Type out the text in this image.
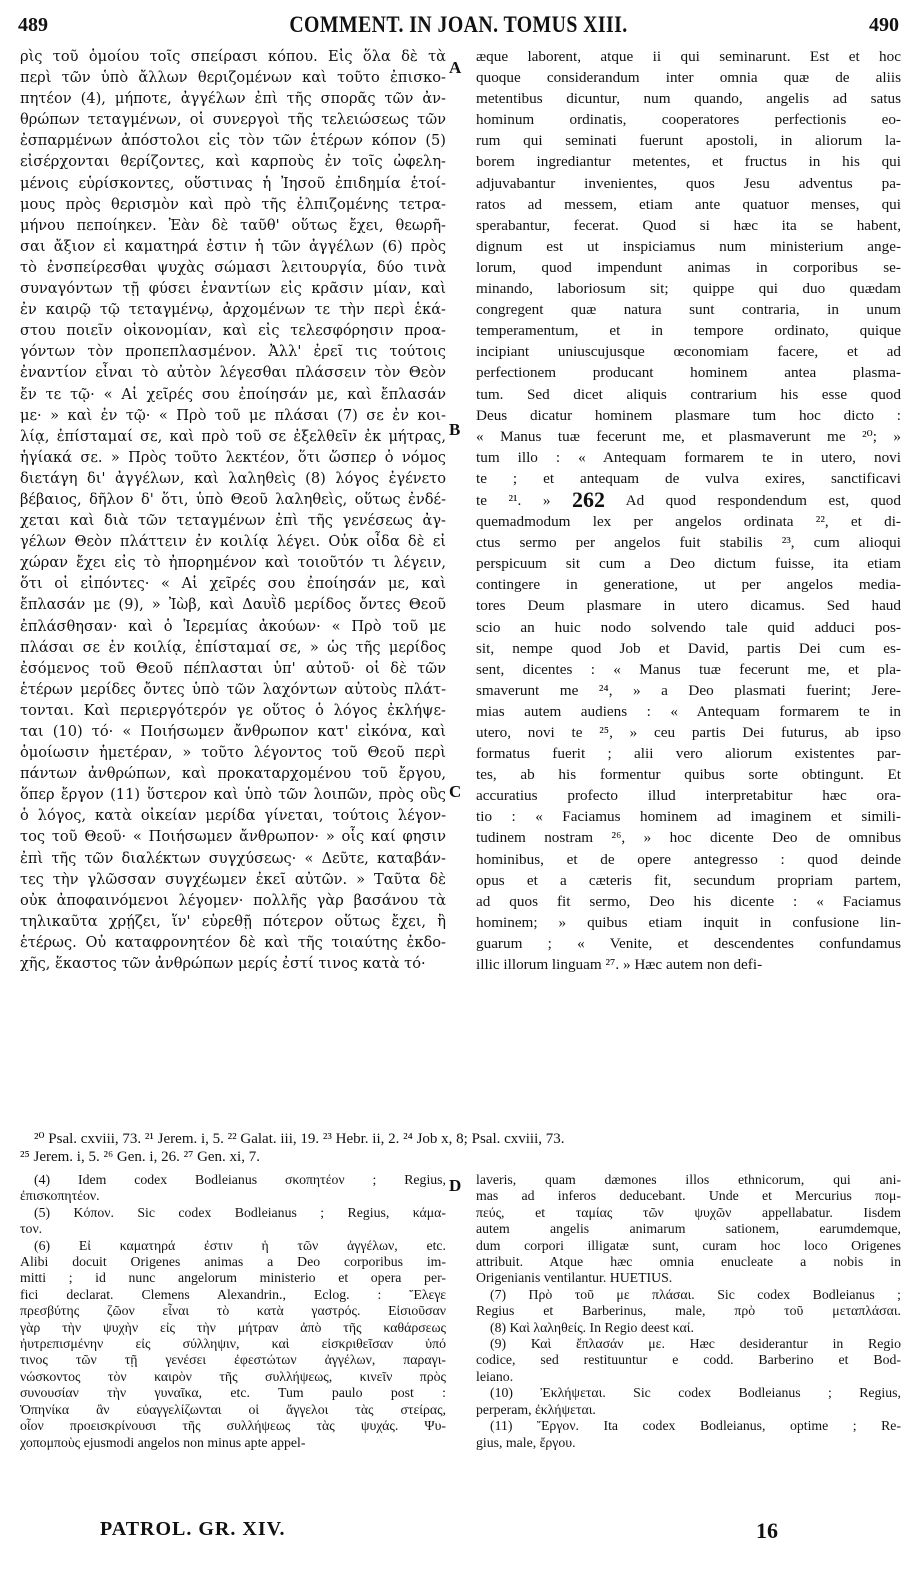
489	COMMENT. IN JOAN. TOMUS XIII.	490
ρὶς τοῦ ὁμοίου τοῖς σπείρασι κόπου. Εἰς ὅλα δὲ τὰ
περὶ τῶν ὑπὸ ἄλλων θεριζομένων καὶ τοῦτο ἐπισκο-
πητέον (4), μήποτε, ἀγγέλων ἐπὶ τῆς σπορᾶς τῶν ἀν-
θρώπων τεταγμένων, οἱ συνεργοὶ τῆς τελειώσεως τῶν
ἐσπαρμένων ἀπόστολοι εἰς τὸν τῶν ἑτέρων κόπον (5)
εἰσέρχονται θερίζοντες, καὶ καρποὺς ἐν τοῖς ὠφελη-
μένοις εὑρίσκοντες, οὕστινας ἡ Ἰησοῦ ἐπιδημία ἑτοί-
μους πρὸς θερισμὸν καὶ πρὸ τῆς ἐλπιζομένης τετρα-
μήνου πεποίηκεν. Ἐὰν δὲ ταῦθ' οὕτως ἔχει, θεωρῆ-
σαι ἄξιον εἰ καματηρά ἐστιν ἡ τῶν ἀγγέλων (6) πρὸς
τὸ ἐνσπείρεσθαι ψυχὰς σώμασι λειτουργία, δύο τινὰ
συναγόντων τῇ φύσει ἐναντίων εἰς κρᾶσιν μίαν, καὶ
ἐν καιρῷ τῷ τεταγμένῳ, ἀρχομένων τε τὴν περὶ ἑκά-
στου ποιεῖν οἰκονομίαν, καὶ εἰς τελεσφόρησιν προα-
γόντων τὸν προπεπλασμένον. Ἀλλ' ἐρεῖ τις τούτοις
ἐναντίον εἶναι τὸ αὐτὸν λέγεσθαι πλάσσειν τὸν Θεὸν
ἔν τε τῷ· « Αἱ χεῖρές σου ἐποίησάν με, καὶ ἔπλασάν
με· » καὶ ἐν τῷ· « Πρὸ τοῦ με πλάσαι (7) σε ἐν κοι-
λίᾳ, ἐπίσταμαί σε, καὶ πρὸ τοῦ σε ἐξελθεῖν ἐκ μήτρας,
ἡγίακά σε. » Πρὸς τοῦτο λεκτέον, ὅτι ὥσπερ ὁ νόμος
διετάγη δι' ἀγγέλων, καὶ λαληθεὶς (8) λόγος ἐγένετο
βέβαιος, δῆλον δ' ὅτι, ὑπὸ Θεοῦ λαληθεὶς, οὕτως ἐνδέ-
χεται καὶ διὰ τῶν τεταγμένων ἐπὶ τῆς γενέσεως ἀγ-
γέλων Θεὸν πλάττειν ἐν κοιλίᾳ λέγει. Οὐκ οἶδα δὲ εἰ
χώραν ἔχει εἰς τὸ ἠπορημένον καὶ τοιοῦτόν τι λέγειν,
ὅτι οἱ εἰπόντες· « Αἱ χεῖρές σου ἐποίησάν με, καὶ
ἔπλασάν με (9), » Ἰὼβ, καὶ Δαυῒδ μερίδος ὄντες Θεοῦ
ἐπλάσθησαν· καὶ ὁ Ἱερεμίας ἀκούων· « Πρὸ τοῦ με
πλάσαι σε ἐν κοιλίᾳ, ἐπίσταμαί σε, » ὡς τῆς μερίδος
ἐσόμενος τοῦ Θεοῦ πέπλασται ὑπ' αὐτοῦ· οἱ δὲ τῶν
ἑτέρων μερίδες ὄντες ὑπὸ τῶν λαχόντων αὐτοὺς πλάτ-
τονται. Καὶ περιεργότερόν γε οὕτος ὁ λόγος ἐκλήψε-
ται (10) τό· « Ποιήσωμεν ἄνθρωπον κατ' εἰκόνα, καὶ
ὁμοίωσιν ἡμετέραν, » τοῦτο λέγοντος τοῦ Θεοῦ περὶ
πάντων ἀνθρώπων, καὶ προκαταρχομένου τοῦ ἔργου,
ὅπερ ἔργον (11) ὕστερον καὶ ὑπὸ τῶν λοιπῶν, πρὸς οὓς
ὁ λόγος, κατὰ οἰκείαν μερίδα γίνεται, τούτοις λέγον-
τος τοῦ Θεοῦ· « Ποιήσωμεν ἄνθρωπον· » οἷς καί φησιν
ἐπὶ τῆς τῶν διαλέκτων συγχύσεως· « Δεῦτε, καταβάν-
τες τὴν γλῶσσαν συγχέωμεν ἐκεῖ αὐτῶν. » Ταῦτα δὲ
οὐκ ἀποφαινόμενοι λέγομεν· πολλῆς γὰρ βασάνου τὰ
τηλικαῦτα χρῄζει, ἵν' εὑρεθῇ πότερον οὕτως ἔχει, ἢ
ἑτέρως. Οὐ καταφρονητέον δὲ καὶ τῆς τοιαύτης ἐκδο-
χῆς, ἕκαστος τῶν ἀνθρώπων μερίς ἐστί τινος κατὰ τό·
æque laborent, atque ii qui seminarunt. Est et hoc
quoque considerandum inter omnia quæ de aliis
metentibus dicuntur, num quando, angelis ad satus
hominum ordinatis, cooperatores perfectionis eo-
rum qui seminati fuerunt apostoli, in aliorum la-
borem ingrediantur metentes, et fructus in his qui
adjuvabantur invenientes, quos Jesu adventus pa-
ratos ad messem, etiam ante quatuor menses, qui
sperabantur, fecerat. Quod si hæc ita se habent,
dignum est ut inspiciamus num ministerium ange-
lorum, quod impendunt animas in corporibus se-
minando, laboriosum sit; quippe qui duo quædam
congregent quæ natura sunt contraria, in unum
temperamentum, et in tempore ordinato, quique
incipiant uniuscujusque œconomiam facere, et ad
perfectionem producant hominem antea plasma-
tum. Sed dicet aliquis contrarium his esse quod
Deus dicatur hominem plasmare tum hoc dicto :
« Manus tuæ fecerunt me, et plasmaverunt me ²⁰; »
tum illo : « Antequam formarem te in utero, novi
te ; et antequam de vulva exires, sanctificavi
te ²¹. » 262 Ad quod respondendum est, quod
quemadmodum lex per angelos ordinata ²², et di-
ctus sermo per angelos fuit stabilis ²³, cum alioqui
perspicuum sit cum a Deo dictum fuisse, ita etiam
contingere in generatione, ut per angelos media-
tores Deum plasmare in utero dicamus. Sed haud
scio an huic nodo solvendo tale quid adduci pos-
sit, nempe quod Job et David, partis Dei cum es-
sent, dicentes : « Manus tuæ fecerunt me, et pla-
smaverunt me ²⁴, » a Deo plasmati fuerint; Jere-
mias autem audiens : « Antequam formarem te in
utero, novi te ²⁵, » ceu partis Dei futurus, ab ipso
formatus fuerit ; alii vero aliorum existentes par-
tes, ab his formentur quibus sorte obtingunt. Et
accuratius profecto illud interpretabitur hæc ora-
tio : « Faciamus hominem ad imaginem et simili-
tudinem nostram ²⁶, » hoc dicente Deo de omnibus
hominibus, et de opere antegresso : quod deinde
opus et a cæteris fit, secundum propriam partem,
ad quos fit sermo, Deo his dicente : « Faciamus
hominem; » quibus etiam inquit in confusione lin-
guarum ; « Venite, et descendentes confundamus
illic illorum linguam ²⁷. » Hæc autem non defi-
A
B
C
D
²⁰ Psal. cxviii, 73. ²¹ Jerem. i, 5. ²² Galat. iii, 19. ²³ Hebr. ii, 2. ²⁴ Job x, 8; Psal. cxviii, 73.
²⁵ Jerem. i, 5. ²⁶ Gen. i, 26. ²⁷ Gen. xi, 7.
(4) Idem codex Bodleianus σκοπητέον ; Regius,
ἐπισκοπητέον.
(5) Κόπον. Sic codex Bodleianus ; Regius, κάμα-
τον.
(6) Εἰ καματηρά ἐστιν ἡ τῶν ἀγγέλων, etc.
Alibi docuit Origenes animas a Deo corporibus im-
mitti ; id nunc angelorum ministerio et opera per-
fici declarat. Clemens Alexandrin., Eclog. : Ἔλεγε
πρεσβύτης ζῶον εἶναι τὸ κατὰ γαστρός. Εἰσιοῦσαν
γὰρ τὴν ψυχὴν εἰς τὴν μήτραν ἀπὸ τῆς καθάρσεως
ἠυτρεπισμένην εἰς σύλληψιν, καὶ εἰσκριθεῖσαν ὑπό
τινος τῶν τῇ γενέσει ἐφεστώτων ἀγγέλων, παραγι-
νώσκοντος τὸν καιρὸν τῆς συλλήψεως, κινεῖν πρὸς
συνουσίαν τὴν γυναῖκα, etc. Tum paulo post :
Ὁπηνίκα ἂν εὐαγγελίζωνται οἱ ἄγγελοι τὰς στείρας,
οἷον προεισκρίνουσι τῆς συλλήψεως τὰς ψυχάς. Ψυ-
χοπομποὺς ejusmodi angelos non minus apte appel-
laveris, quam dæmones illos ethnicorum, qui ani-
mas ad inferos deducebant. Unde et Mercurius πομ-
πεύς, et ταμίας τῶν ψυχῶν appellabatur. Iisdem
autem angelis animarum sationem, earumdemque,
dum corpori illigatæ sunt, curam hoc loco Origenes
attribuit. Atque hæc omnia enucleate a nobis in
Origenianis ventilantur. HUETIUS.
(7) Πρὸ τοῦ με πλάσαι. Sic codex Bodleianus ;
Regius et Barberinus, male, πρὸ τοῦ μεταπλάσαι.
(8) Καὶ λαληθείς. In Regio deest καί.
(9) Καὶ ἔπλασάν με. Hæc desiderantur in Regio
codice, sed restituuntur e codd. Barberino et Bod-
leiano.
(10) Ἐκλήψεται. Sic codex Bodleianus ; Regius,
perperam, ἐκλήψεται.
(11) Ἔργον. Ita codex Bodleianus, optime ; Re-
gius, male, ἔργου.
PATROL. GR. XIV.	16
